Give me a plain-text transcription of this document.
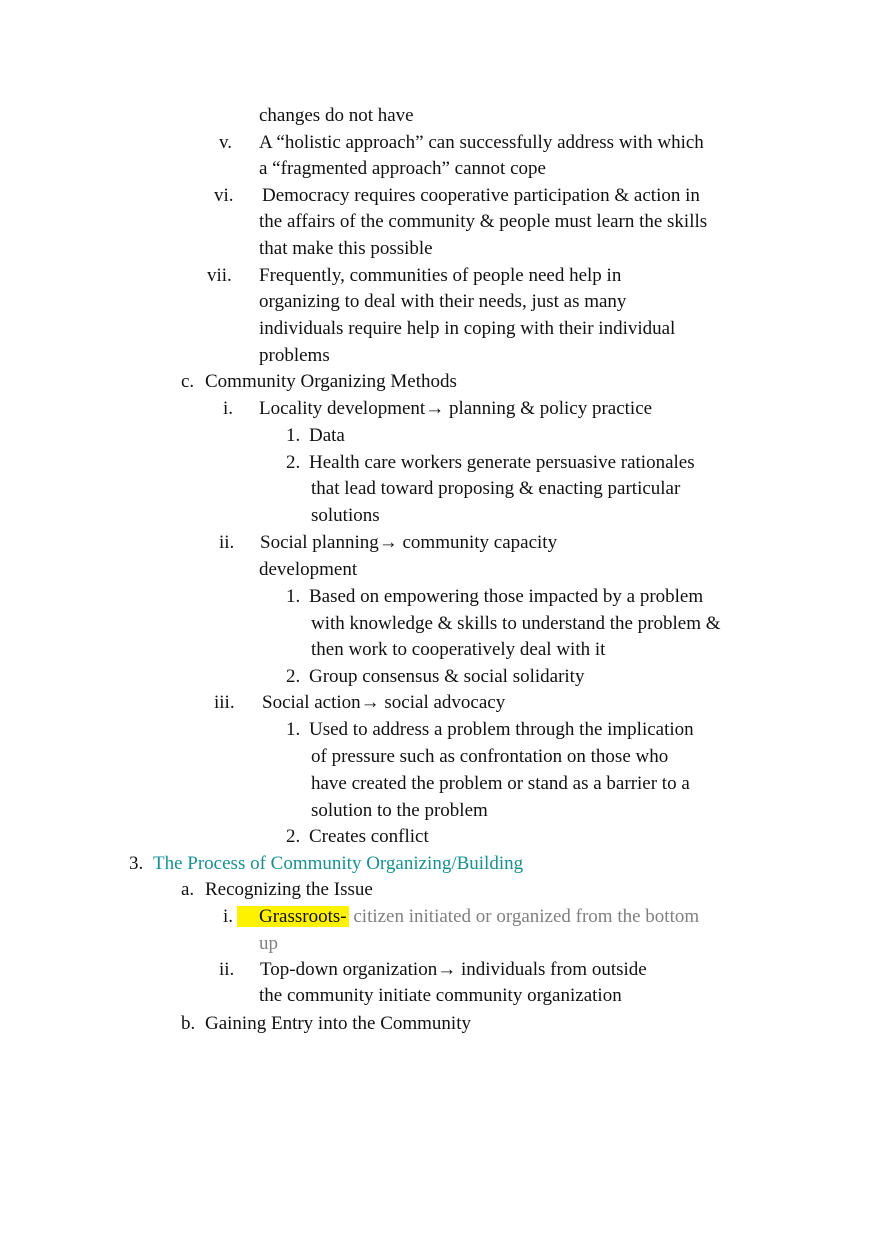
changes do not have
v. A “holistic approach” can successfully address with which
a “fragmented approach” cannot cope
vi. Democracy requires cooperative participation & action in
the affairs of the community & people must learn the skills
that make this possible
vii. Frequently, communities of people need help in
organizing to deal with their needs, just as many
individuals require help in coping with their individual
problems
c. Community Organizing Methods
i. Locality development→ planning & policy practice
1. Data
2. Health care workers generate persuasive rationales
that lead toward proposing & enacting particular
solutions
ii. Social planning→ community capacity
development
1. Based on empowering those impacted by a problem
with knowledge & skills to understand the problem &
then work to cooperatively deal with it
2. Group consensus & social solidarity
iii. Social action→ social advocacy
1. Used to address a problem through the implication
of pressure such as confrontation on those who
have created the problem or stand as a barrier to a
solution to the problem
2. Creates conflict
3. The Process of Community Organizing/Building
a. Recognizing the Issue
i. Grassroots- citizen initiated or organized from the bottom
up
ii. Top-down organization→ individuals from outside
the community initiate community organization
b. Gaining Entry into the Community
